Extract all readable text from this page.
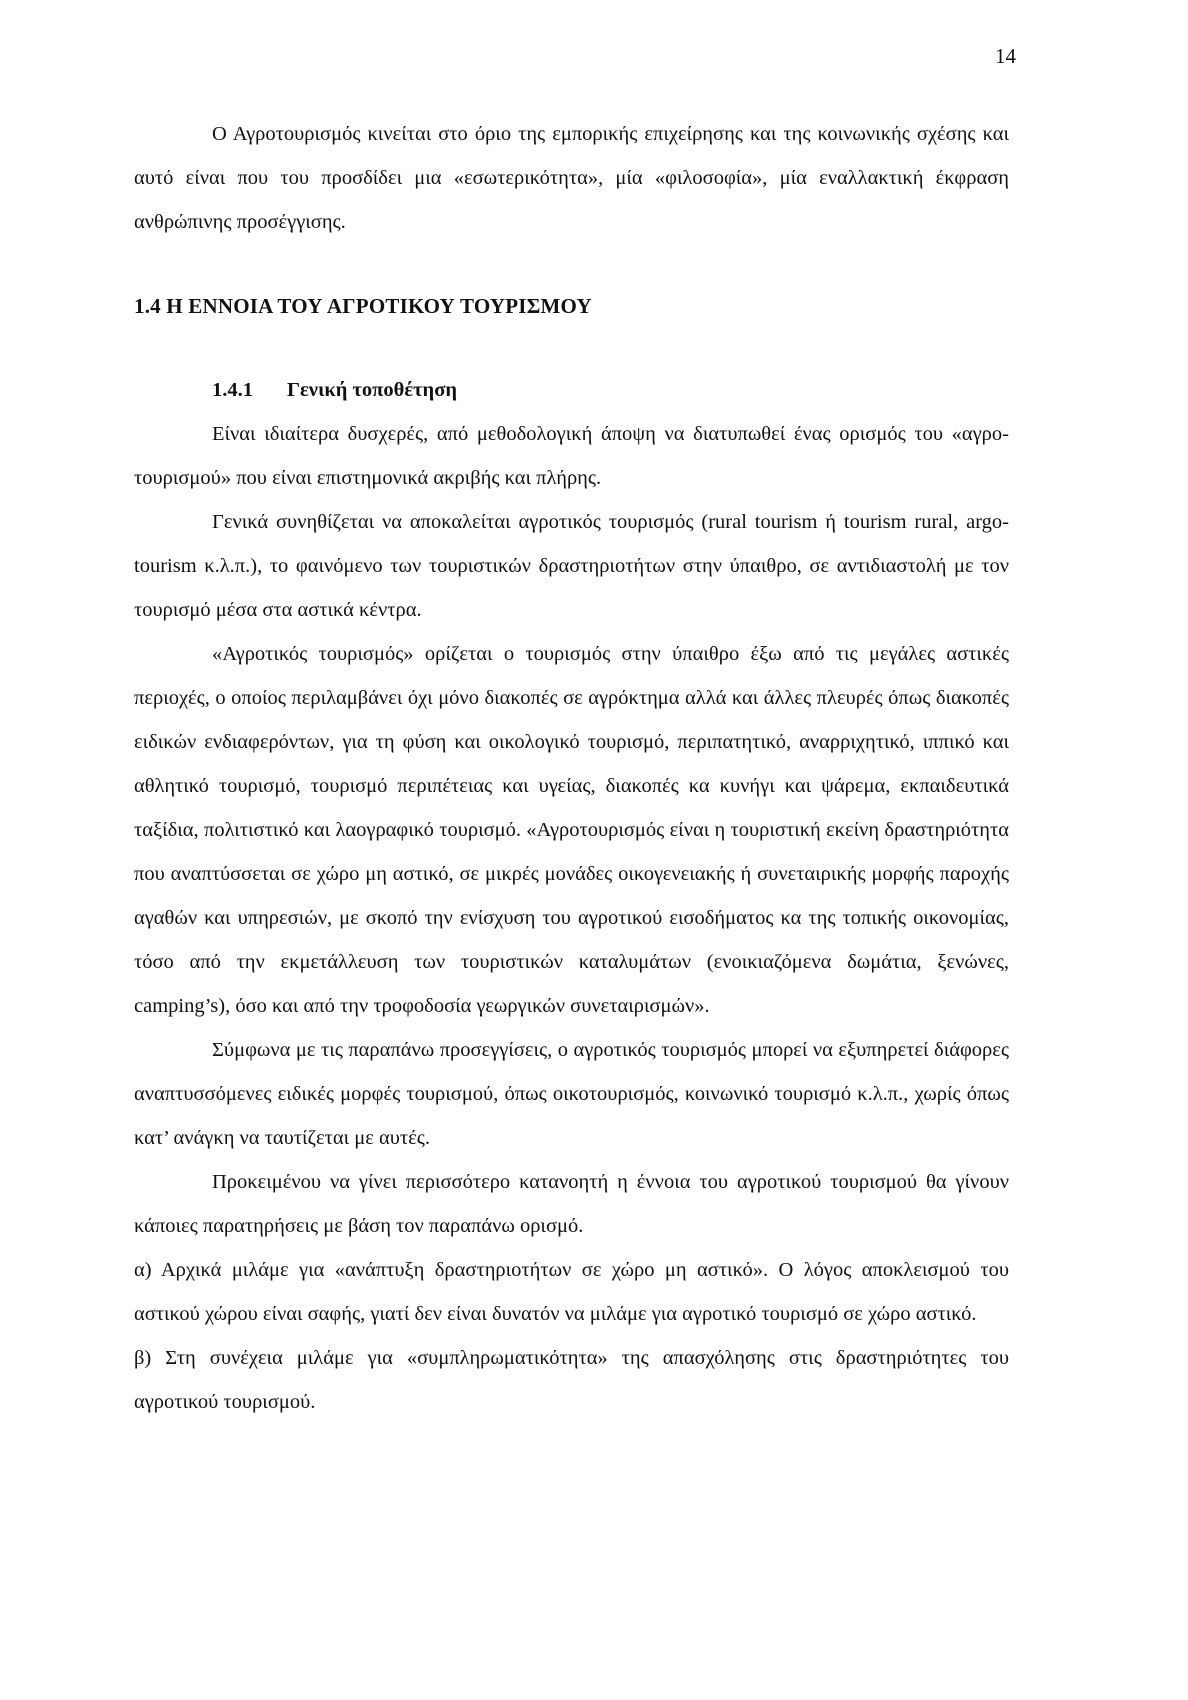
14

Ο Αγροτουρισμός κινείται στο όριο της εμπορικής επιχείρησης και της κοινωνικής σχέσης και αυτό είναι που του προσδίδει μια «εσωτερικότητα», μία «φιλοσοφία», μία εναλλακτική έκφραση ανθρώπινης προσέγγισης.

1.4 Η ΕΝΝΟΙΑ ΤΟΥ ΑΓΡΟΤΙΚΟΥ ΤΟΥΡΙΣΜΟΥ
1.4.1 Γενική τοποθέτηση

Είναι ιδιαίτερα δυσχερές, από μεθοδολογική άποψη να διατυπωθεί ένας ορισμός του «αγρο-τουρισμού» που είναι επιστημονικά ακριβής και πλήρης.

Γενικά συνηθίζεται να αποκαλείται αγροτικός τουρισμός (rural tourism ή tourism rural, argo- tourism κ.λ.π.), το φαινόμενο των τουριστικών δραστηριοτήτων στην ύπαιθρο, σε αντιδιαστολή με τον τουρισμό μέσα στα αστικά κέντρα.

«Αγροτικός τουρισμός» ορίζεται ο τουρισμός στην ύπαιθρο έξω από τις μεγάλες αστικές περιοχές, ο οποίος περιλαμβάνει όχι μόνο διακοπές σε αγρόκτημα αλλά και άλλες πλευρές όπως διακοπές ειδικών ενδιαφερόντων, για τη φύση και οικολογικό τουρισμό, περιπατητικό, αναρριχητικό, ιππικό και αθλητικό τουρισμό, τουρισμό περιπέτειας και υγείας, διακοπές κα κυνήγι και ψάρεμα, εκπαιδευτικά ταξίδια, πολιτιστικό και λαογραφικό τουρισμό. «Αγροτουρισμός είναι η τουριστική εκείνη δραστηριότητα που αναπτύσσεται σε χώρο μη αστικό, σε μικρές μονάδες οικογενειακής ή συνεταιρικής μορφής παροχής αγαθών και υπηρεσιών, με σκοπό την ενίσχυση του αγροτικού εισοδήματος κα της τοπικής οικονομίας, τόσο από την εκμετάλλευση των τουριστικών καταλυμάτων (ενοικιαζόμενα δωμάτια, ξενώνες, camping’s), όσο και από την τροφοδοσία γεωργικών συνεταιρισμών».

Σύμφωνα με τις παραπάνω προσεγγίσεις, ο αγροτικός τουρισμός μπορεί να εξυπηρετεί διάφορες αναπτυσσόμενες ειδικές μορφές τουρισμού, όπως οικοτουρισμός, κοινωνικό τουρισμό κ.λ.π., χωρίς όπως κατ’ ανάγκη να ταυτίζεται με αυτές.

Προκειμένου να γίνει περισσότερο κατανοητή η έννοια του αγροτικού τουρισμού θα γίνουν κάποιες παρατηρήσεις με βάση τον παραπάνω ορισμό.

α) Αρχικά μιλάμε για «ανάπτυξη δραστηριοτήτων σε χώρο μη αστικό». Ο λόγος αποκλεισμού του αστικού χώρου είναι σαφής, γιατί δεν είναι δυνατόν να μιλάμε για αγροτικό τουρισμό σε χώρο αστικό.

β) Στη συνέχεια μιλάμε για «συμπληρωματικότητα» της απασχόλησης στις δραστηριότητες του αγροτικού τουρισμού.
